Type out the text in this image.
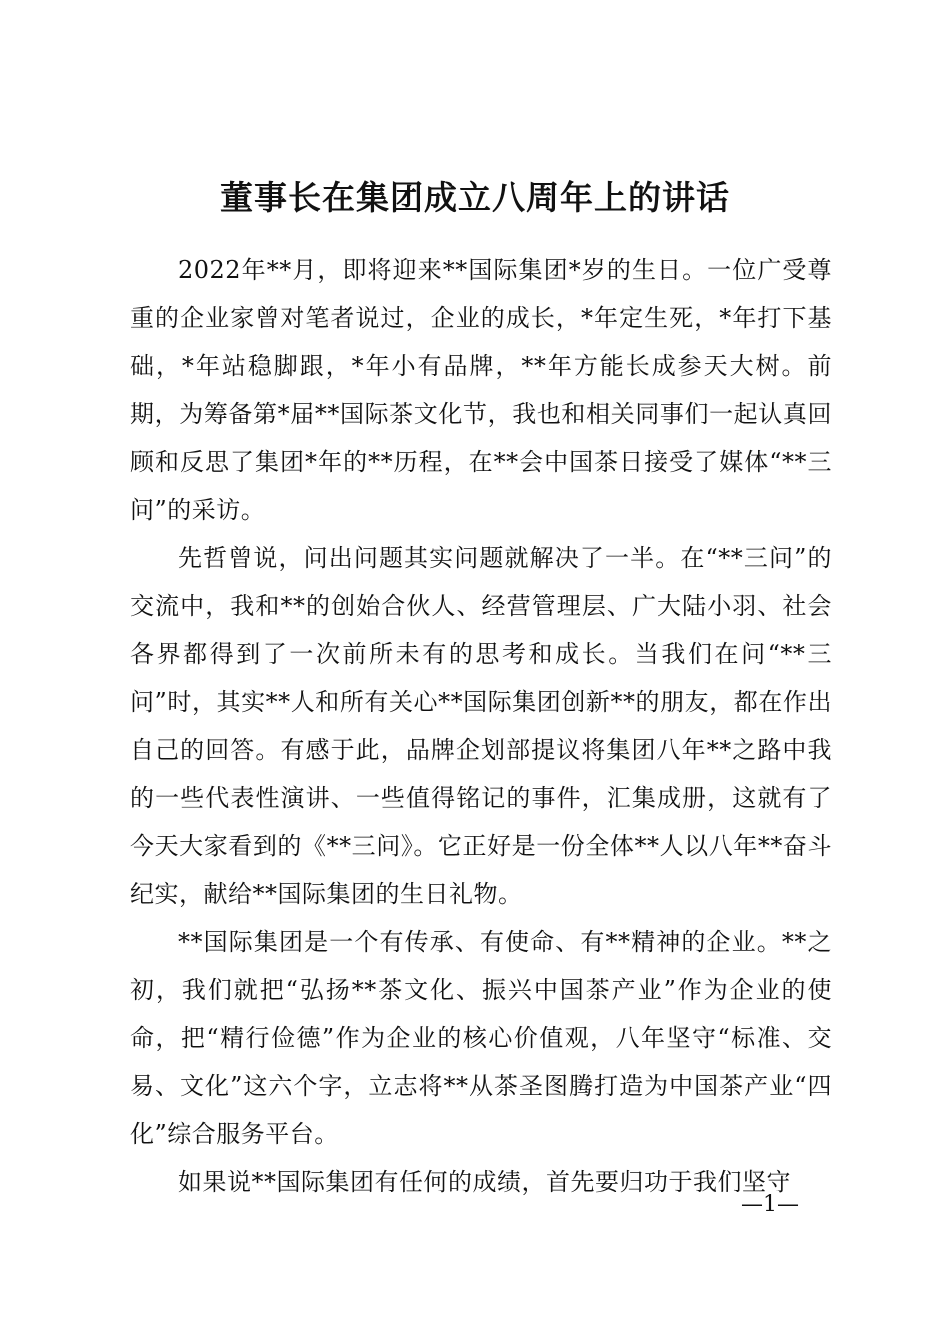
董事长在集团成立八周年上的讲话

2022年**月，即将迎来**国际集团*岁的生日。一位广受尊重的企业家曾对笔者说过，企业的成长，*年定生死，*年打下基础，*年站稳脚跟，*年小有品牌，**年方能长成参天大树。前期，为筹备第*届**国际茶文化节，我也和相关同事们一起认真回顾和反思了集团*年的**历程，在**会中国茶日接受了媒体“**三问”的采访。

先哲曾说，问出问题其实问题就解决了一半。在“**三问”的交流中，我和**的创始合伙人、经营管理层、广大陆小羽、社会各界都得到了一次前所未有的思考和成长。当我们在问“**三问”时，其实**人和所有关心**国际集团创新**的朋友，都在作出自己的回答。有感于此，品牌企划部提议将集团八年**之路中我的一些代表性演讲、一些值得铭记的事件，汇集成册，这就有了今天大家看到的《**三问》。它正好是一份全体**人以八年**奋斗纪实，献给**国际集团的生日礼物。

**国际集团是一个有传承、有使命、有**精神的企业。**之初，我们就把“弘扬**茶文化、振兴中国茶产业”作为企业的使命，把“精行俭德”作为企业的核心价值观，八年坚守“标准、交易、文化”这六个字，立志将**从茶圣图腾打造为中国茶产业“四化”综合服务平台。

如果说**国际集团有任何的成绩，首先要归功于我们坚守

—1—
